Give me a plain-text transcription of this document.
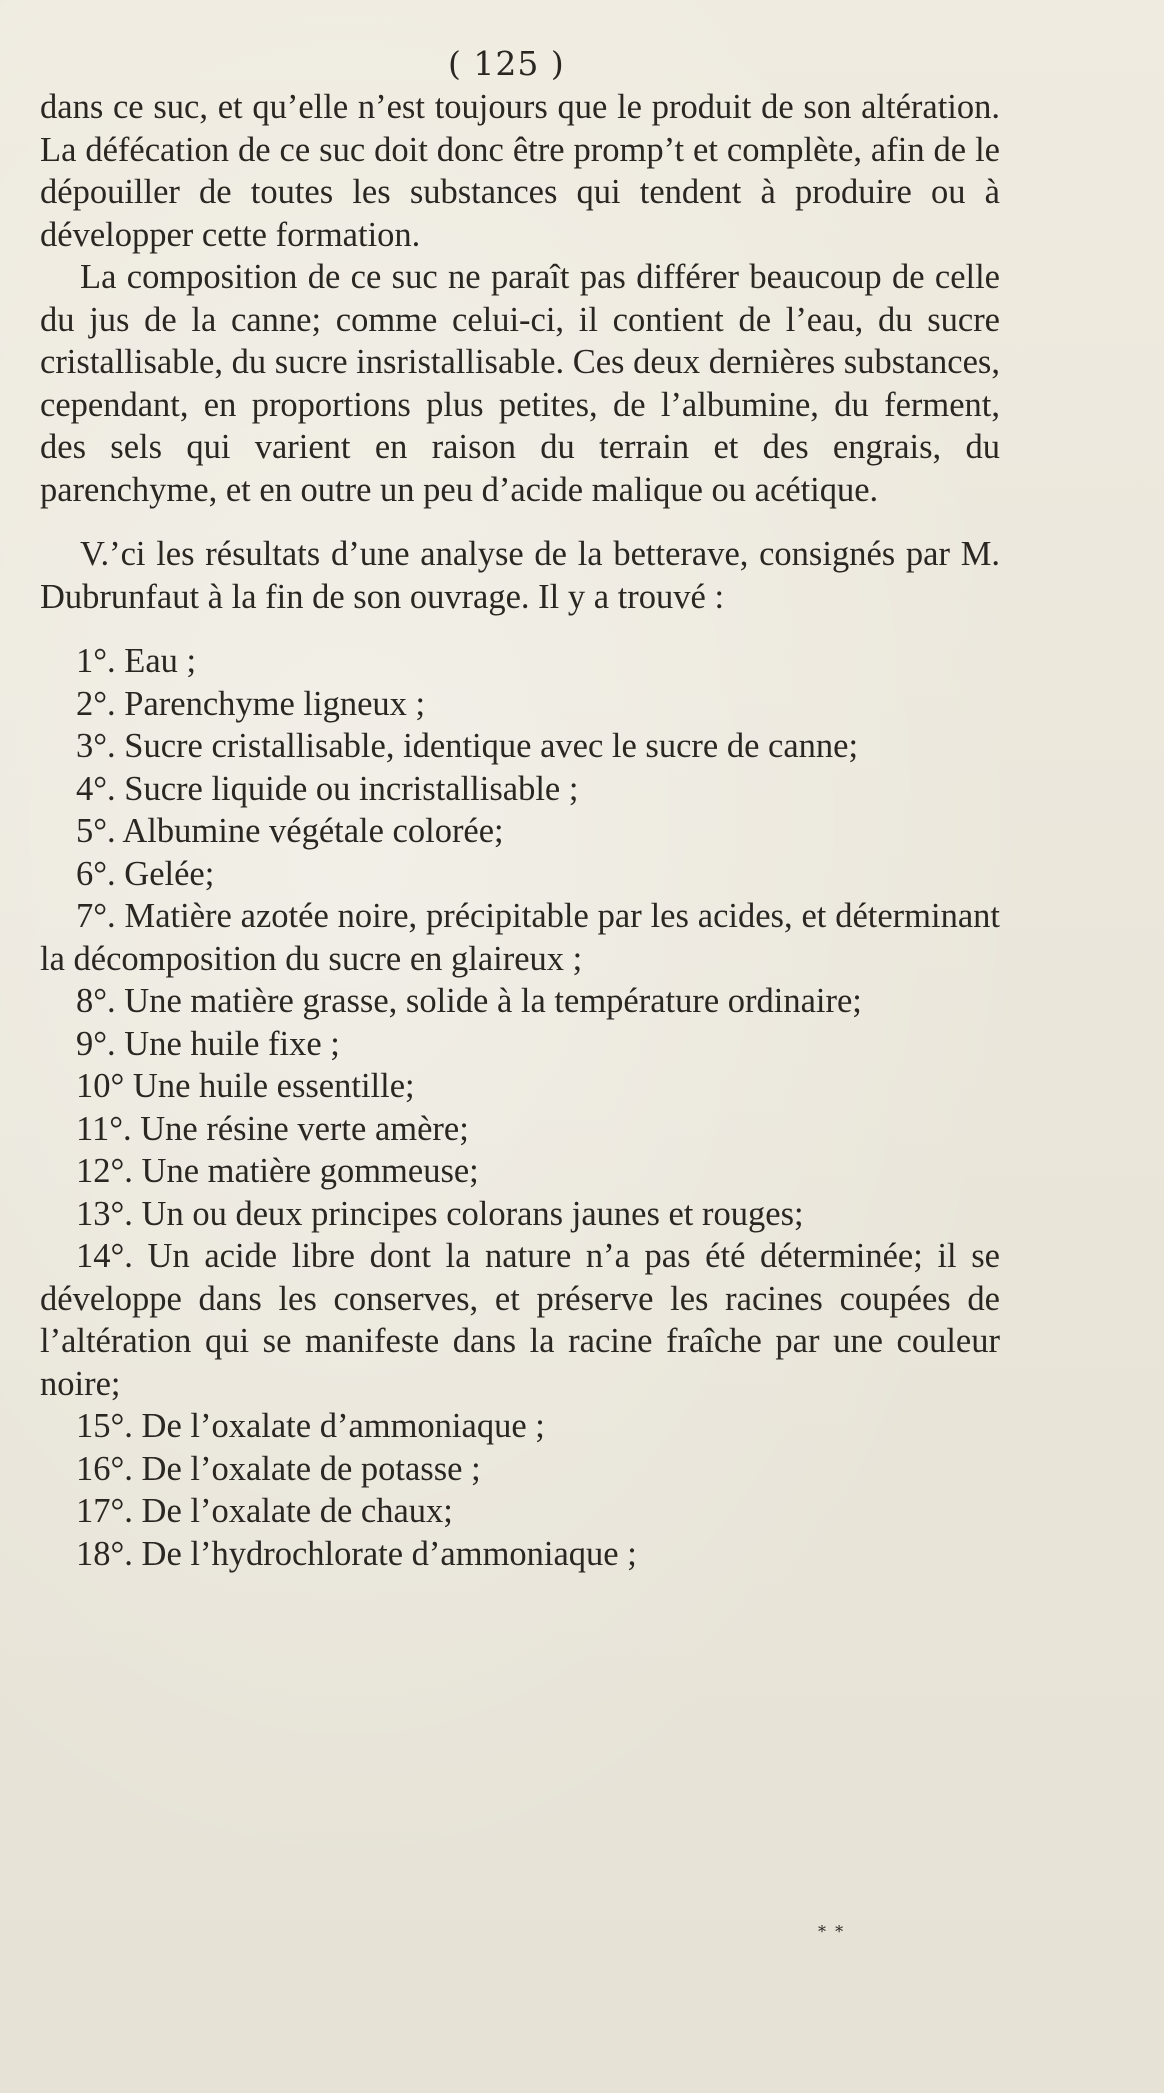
( 125 )

dans ce suc, et qu’elle n’est toujours que le produit de son altération. La défécation de ce suc doit donc être promp’t et complète, afin de le dépouiller de toutes les substances qui tendent à produire ou à développer cette formation.

La composition de ce suc ne paraît pas différer beaucoup de celle du jus de la canne; comme celui-ci, il contient de l’eau, du sucre cristallisable, du sucre insristallisable. Ces deux dernières substances, cependant, en proportions plus petites, de l’albumine, du ferment, des sels qui varient en raison du terrain et des engrais, du parenchyme, et en outre un peu d’acide malique ou acétique.

V.’ci les résultats d’une analyse de la betterave, consignés par M. Dubrunfaut à la fin de son ouvrage. Il y a trouvé :

1°. Eau ;

2°. Parenchyme ligneux ;

3°. Sucre cristallisable, identique avec le sucre de canne;

4°. Sucre liquide ou incristallisable ;

5°. Albumine végétale colorée;

6°. Gelée;

7°. Matière azotée noire, précipitable par les acides, et déterminant la décomposition du sucre en glaireux ;

8°. Une matière grasse, solide à la température ordinaire;

9°. Une huile fixe ;

10° Une huile essentille;

11°. Une résine verte amère;

12°. Une matière gommeuse;

13°. Un ou deux principes colorans jaunes et rouges;

14°. Un acide libre dont la nature n’a pas été déterminée; il se développe dans les conserves, et préserve les racines coupées de l’altération qui se manifeste dans la racine fraîche par une couleur noire;

15°. De l’oxalate d’ammoniaque ;

16°. De l’oxalate de potasse ;

17°. De l’oxalate de chaux;

18°. De l’hydrochlorate d’ammoniaque ;

* *
